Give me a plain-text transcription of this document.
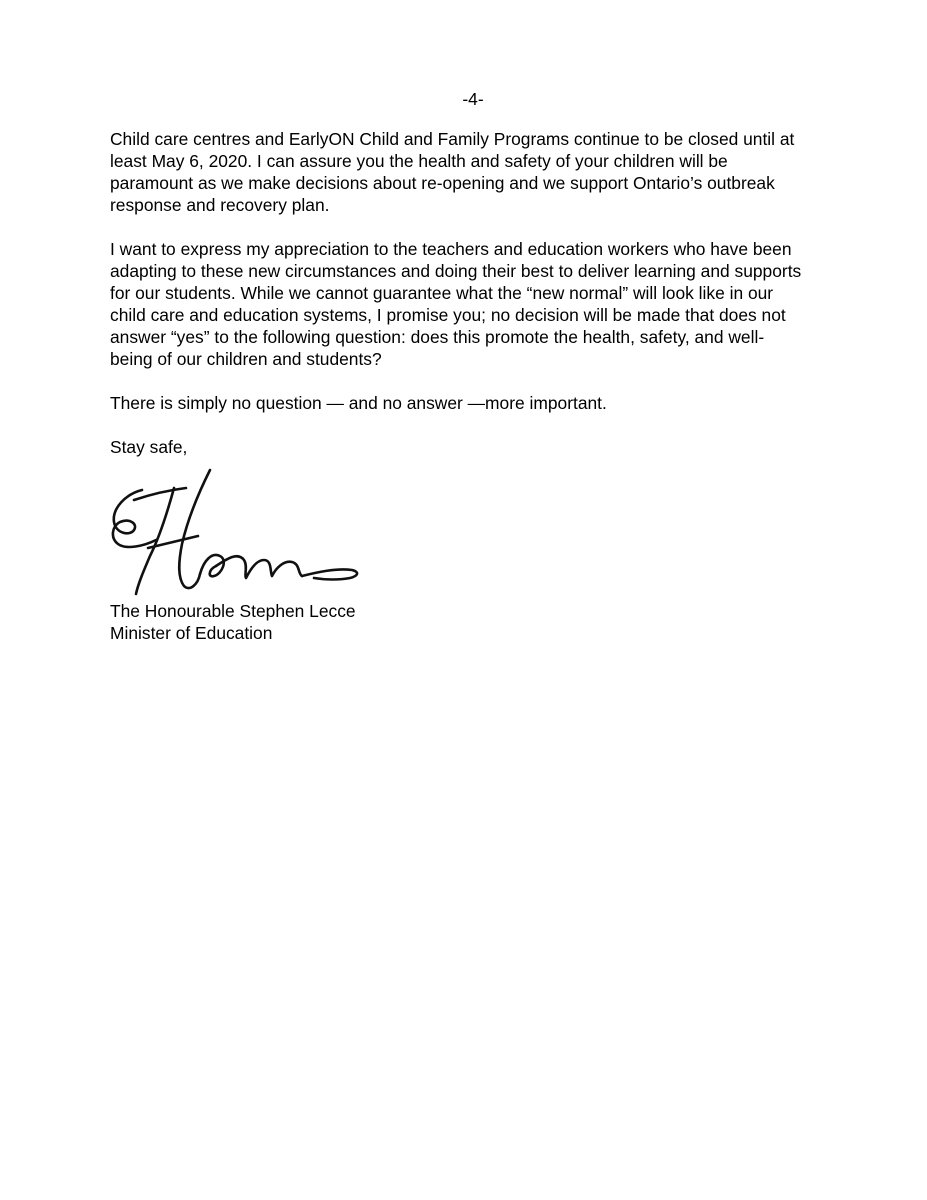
-4-

Child care centres and EarlyON Child and Family Programs continue to be closed until at
least May 6, 2020. I can assure you the health and safety of your children will be
paramount as we make decisions about re-opening and we support Ontario’s outbreak
response and recovery plan.

I want to express my appreciation to the teachers and education workers who have been
adapting to these new circumstances and doing their best to deliver learning and supports
for our students. While we cannot guarantee what the “new normal” will look like in our
child care and education systems, I promise you; no decision will be made that does not
answer “yes” to the following question: does this promote the health, safety, and well-
being of our children and students?

There is simply no question — and no answer —more important.

Stay safe,

The Honourable Stephen Lecce
Minister of Education
